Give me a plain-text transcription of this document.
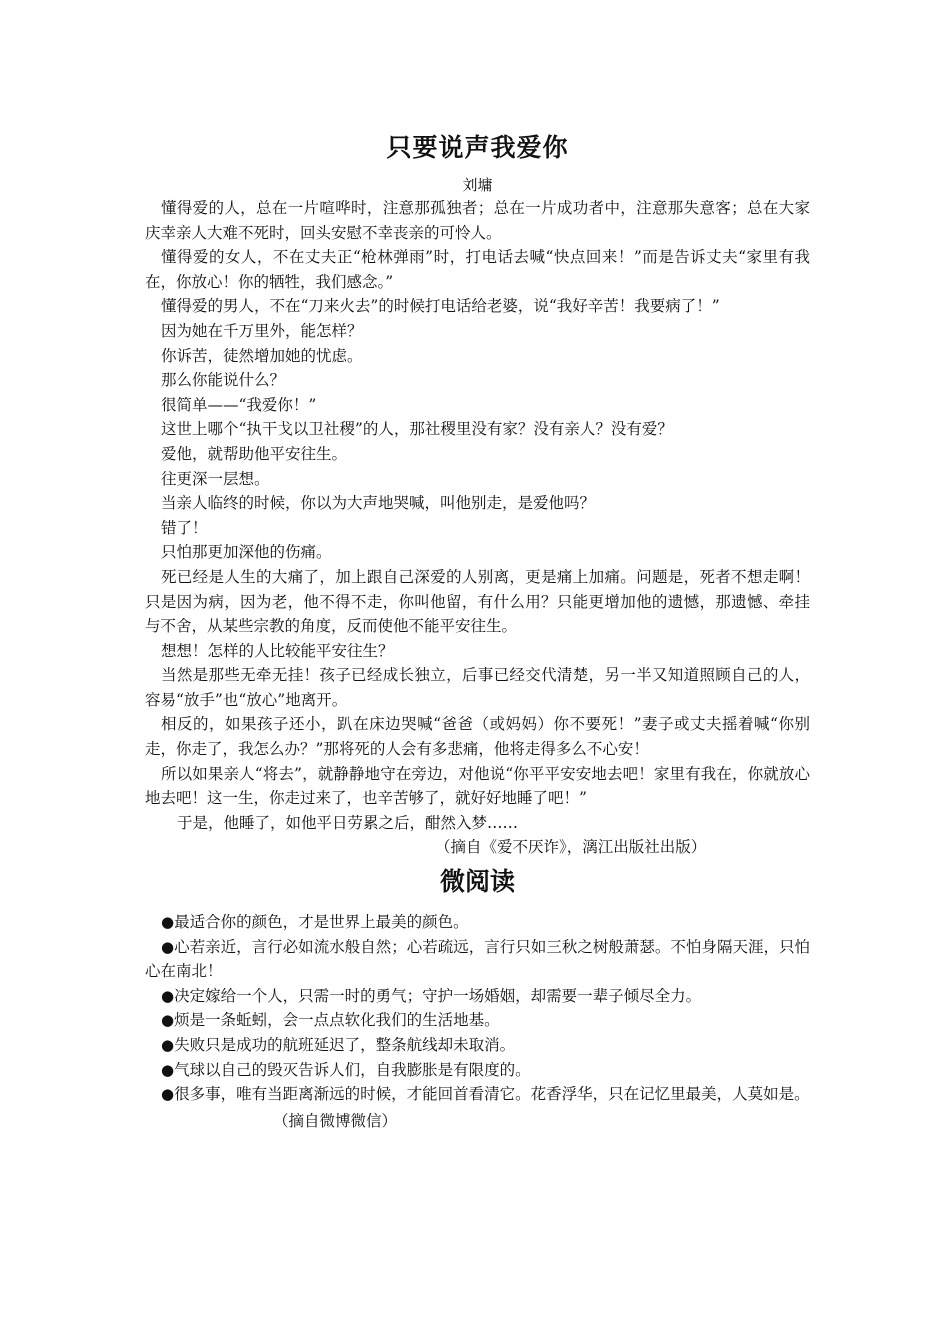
只要说声我爱你

刘墉

懂得爱的人，总在一片喧哗时，注意那孤独者；总在一片成功者中，注意那失意客；总在大家庆幸亲人大难不死时，回头安慰不幸丧亲的可怜人。

懂得爱的女人，不在丈夫正“枪林弹雨”时，打电话去喊“快点回来！”而是告诉丈夫“家里有我在，你放心！你的牺牲，我们感念。”

懂得爱的男人，不在“刀来火去”的时候打电话给老婆，说“我好辛苦！我要病了！”

因为她在千万里外，能怎样？

你诉苦，徒然增加她的忧虑。

那么你能说什么？

很简单——“我爱你！”

这世上哪个“执干戈以卫社稷”的人，那社稷里没有家？没有亲人？没有爱？

爱他，就帮助他平安往生。

往更深一层想。

当亲人临终的时候，你以为大声地哭喊，叫他别走，是爱他吗？

错了！

只怕那更加深他的伤痛。

死已经是人生的大痛了，加上跟自己深爱的人别离，更是痛上加痛。问题是，死者不想走啊！只是因为病，因为老，他不得不走，你叫他留，有什么用？只能更增加他的遗憾，那遗憾、牵挂与不舍，从某些宗教的角度，反而使他不能平安往生。

想想！怎样的人比较能平安往生？

当然是那些无牵无挂！孩子已经成长独立，后事已经交代清楚，另一半又知道照顾自己的人，容易“放手”也“放心”地离开。

相反的，如果孩子还小，趴在床边哭喊“爸爸（或妈妈）你不要死！”妻子或丈夫摇着喊“你别走，你走了，我怎么办？”那将死的人会有多悲痛，他将走得多么不心安！

所以如果亲人“将去”，就静静地守在旁边，对他说“你平平安安地去吧！家里有我在，你就放心地去吧！这一生，你走过来了，也辛苦够了，就好好地睡了吧！”

于是，他睡了，如他平日劳累之后，酣然入梦……

（摘自《爱不厌诈》，漓江出版社出版）

微阅读

●最适合你的颜色，才是世界上最美的颜色。

●心若亲近，言行必如流水般自然；心若疏远，言行只如三秋之树般萧瑟。不怕身隔天涯，只怕心在南北！

●决定嫁给一个人，只需一时的勇气；守护一场婚姻，却需要一辈子倾尽全力。

●烦是一条蚯蚓，会一点点软化我们的生活地基。

●失败只是成功的航班延迟了，整条航线却未取消。

●气球以自己的毁灭告诉人们，自我膨胀是有限度的。

●很多事，唯有当距离渐远的时候，才能回首看清它。花香浮华，只在记忆里最美，人莫如是。

（摘自微博微信）
